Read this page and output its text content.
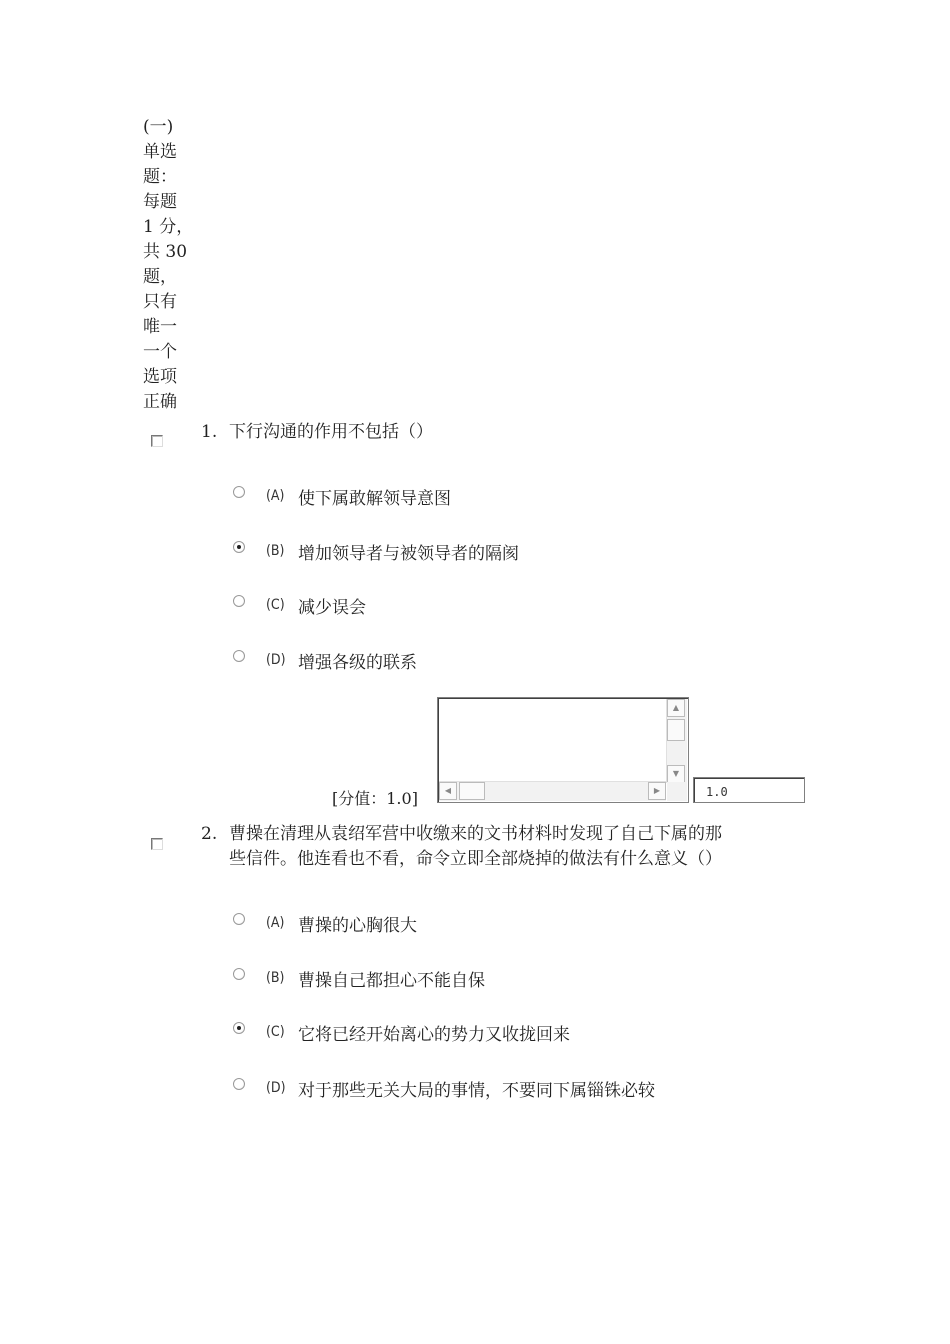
(一)
单选
题：
每题
1 分，
共 30
题，
只有
唯一
一个
选项
正确
1. 下行沟通的作用不包括（）
(A) 使下属敢解领导意图
(B) 增加领导者与被领导者的隔阂
(C) 减少误会
(D) 增强各级的联系
[分值：1.0]
▲
▼
◀	▶	1.0
2. 曹操在清理从袁绍军营中收缴来的文书材料时发现了自己下属的那
些信件。他连看也不看，命令立即全部烧掉的做法有什么意义（）
(A) 曹操的心胸很大
(B) 曹操自己都担心不能自保
(C) 它将已经开始离心的势力又收拢回来
(D) 对于那些无关大局的事情，不要同下属锱铢必较
